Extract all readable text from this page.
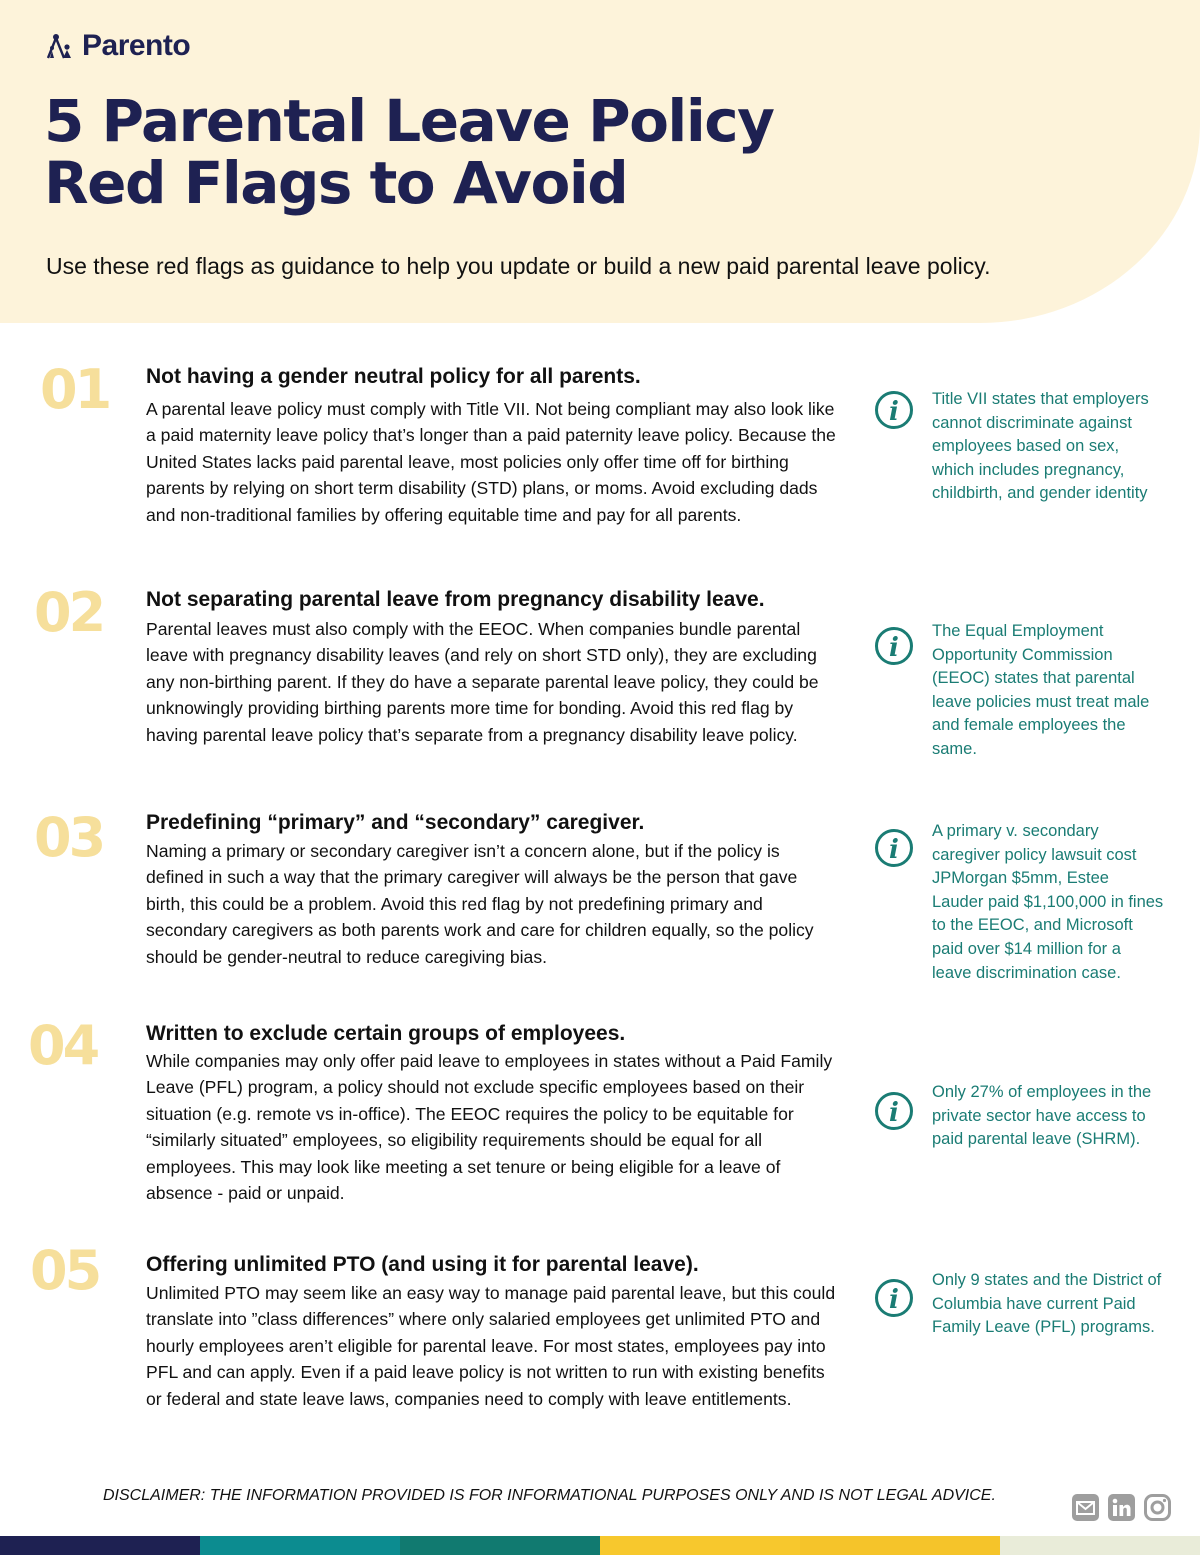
Parento
5 Parental Leave Policy
Red Flags to Avoid

Use these red flags as guidance to help you update or build a new paid parental leave policy.

01	Not having a gender neutral policy for all parents.

A parental leave policy must comply with Title VII. Not being compliant may also look like a paid maternity leave policy that’s longer than a paid paternity leave policy. Because the United States lacks paid parental leave, most policies only offer time off for birthing parents by relying on short term disability (STD) plans, or moms. Avoid excluding dads and non-traditional families by offering equitable time and pay for all parents.

i Title VII states that employers cannot discriminate against employees based on sex, which includes pregnancy, childbirth, and gender identity

02	Not separating parental leave from pregnancy disability leave.

Parental leaves must also comply with the EEOC. When companies bundle parental leave with pregnancy disability leaves (and rely on short STD only), they are excluding any non-birthing parent. If they do have a separate parental leave policy, they could be unknowingly providing birthing parents more time for bonding. Avoid this red flag by having parental leave policy that’s separate from a pregnancy disability leave policy.

i

The Equal Employment Opportunity Commission (EEOC) states that parental leave policies must treat male and female employees the same.

03	Predefining “primary” and “secondary” caregiver.

Naming a primary or secondary caregiver isn’t a concern alone, but if the policy is defined in such a way that the primary caregiver will always be the person that gave birth, this could be a problem. Avoid this red flag by not predefining primary and secondary caregivers as both parents work and care for children equally, so the policy should be gender-neutral to reduce caregiving bias.

i

A primary v. secondary caregiver policy lawsuit cost JPMorgan $5mm, Estee Lauder paid $1,100,000 in fines to the EEOC, and Microsoft paid over $14 million for a leave discrimination case.

04	Written to exclude certain groups of employees.

While companies may only offer paid leave to employees in states without a Paid Family Leave (PFL) program, a policy should not exclude specific employees based on their situation (e.g. remote vs in-office). The EEOC requires the policy to be equitable for “similarly situated” employees, so eligibility requirements should be equal for all employees. This may look like meeting a set tenure or being eligible for a leave of absence - paid or unpaid.

i

Only 27% of employees in the private sector have access to paid parental leave (SHRM).

05	Offering unlimited PTO (and using it for parental leave).

Unlimited PTO may seem like an easy way to manage paid parental leave, but this could translate into ”class differences” where only salaried employees get unlimited PTO and hourly employees aren’t eligible for parental leave. For most states, employees pay into PFL and can apply. Even if a paid leave policy is not written to run with existing benefits or federal and state leave laws, companies need to comply with leave entitlements.

i

Only 9 states and the District of Columbia have current Paid Family Leave (PFL) programs.

DISCLAIMER: THE INFORMATION PROVIDED IS FOR INFORMATIONAL PURPOSES ONLY AND IS NOT LEGAL ADVICE.
